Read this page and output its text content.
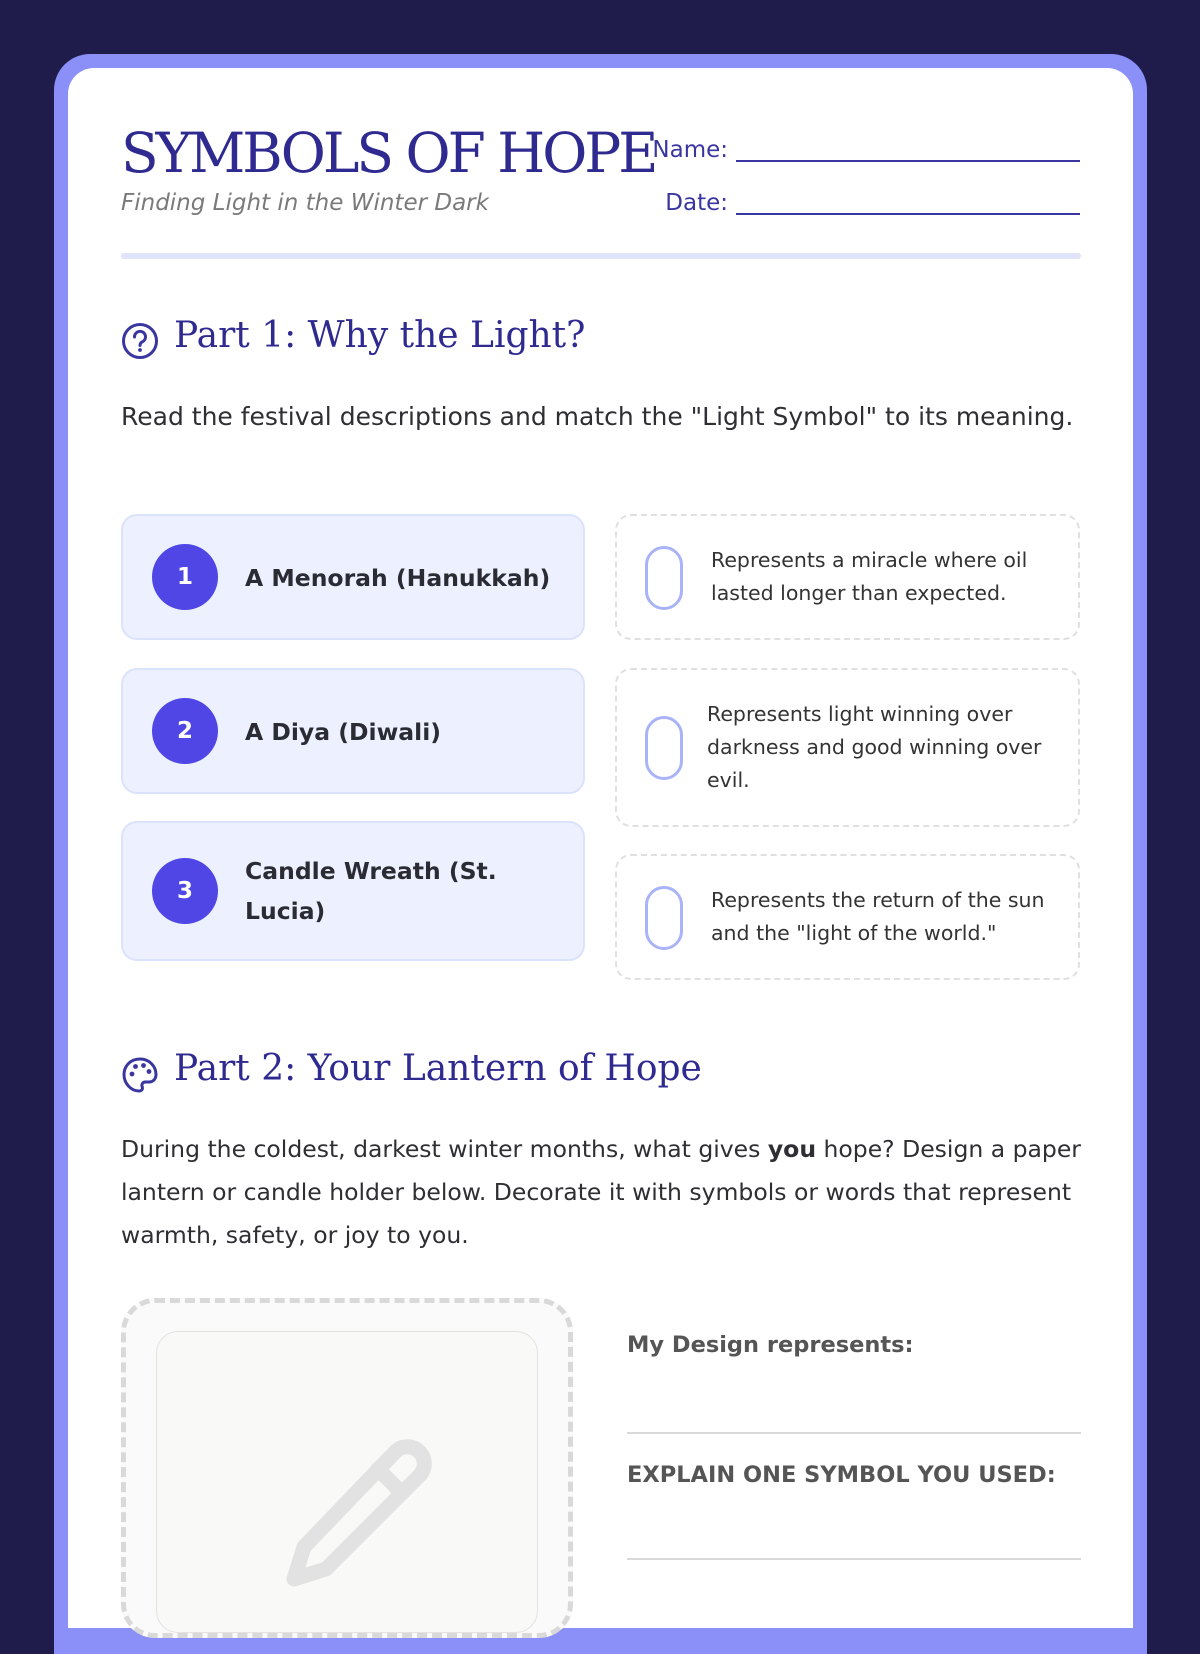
SYMBOLS OF HOPE
Finding Light in the Winter Dark
Name:
Date:
Part 1: Why the Light?
Read the festival descriptions and match the "Light Symbol" to its meaning.
1	A Menorah (Hanukkah)
2	A Diya (Diwali)
3
Candle Wreath (St. Lucia)
Represents a miracle where oil lasted longer than expected.
Represents light winning over darkness and good winning over evil.
Represents the return of the sun and the "light of the world."
Part 2: Your Lantern of Hope
During the coldest, darkest winter months, what gives you hope? Design a paper lantern or candle holder below. Decorate it with symbols or words that represent warmth, safety, or joy to you.
My Design represents:
EXPLAIN ONE SYMBOL YOU USED:
